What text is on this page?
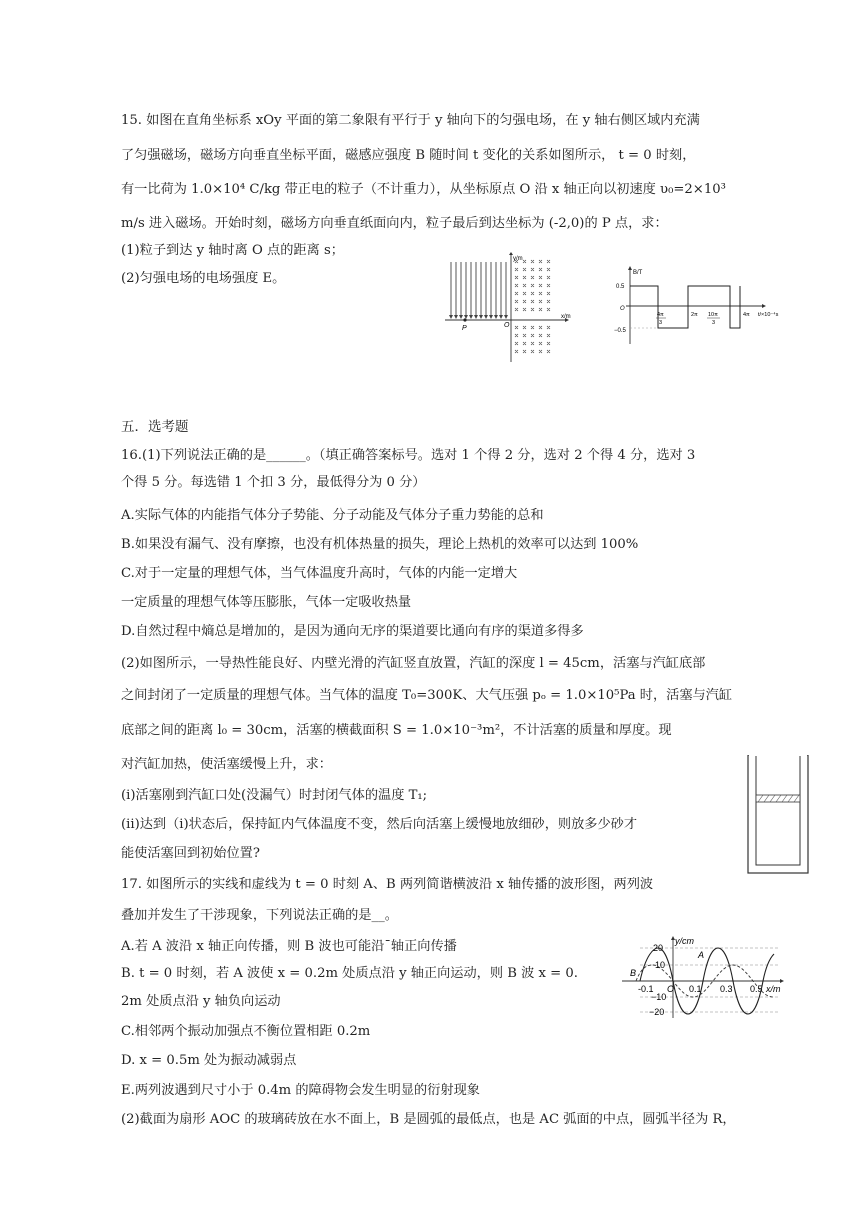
15. 如图在直角坐标系 xOy 平面的第二象限有平行于 y 轴向下的匀强电场，在 y 轴右侧区域内充满
了匀强磁场，磁场方向垂直坐标平面，磁感应强度 B 随时间 t 变化的关系如图所示， t = 0 时刻，
有一比荷为 1.0×10⁴ C/kg 带正电的粒子（不计重力），从坐标原点 O 沿 x 轴正向以初速度 υ₀=2×10³
m/s 进入磁场。开始时刻，磁场方向垂直纸面向内，粒子最后到达坐标为 (-2,0)的 P 点，求：
(1)粒子到达 y 轴时离 O 点的距离 s；
(2)匀强电场的电场强度 E。
y/m
x/m
O
P
B/T
t/×10⁻⁴s
O
0.5
−0.5
4π
3
2π 10π
3
4π
五．选考题
16.(1)下列说法正确的是______。（填正确答案标号。选对 1 个得 2 分，选对 2 个得 4 分，选对 3
个得 5 分。每选错 1 个扣 3 分，最低得分为 0 分）
A.实际气体的内能指气体分子势能、分子动能及气体分子重力势能的总和
B.如果没有漏气、没有摩擦，也没有机体热量的损失，理论上热机的效率可以达到 100%
C.对于一定量的理想气体，当气体温度升高时，气体的内能一定增大
一定质量的理想气体等压膨胀，气体一定吸收热量
D.自然过程中熵总是增加的，是因为通向无序的渠道要比通向有序的渠道多得多
(2)如图所示，一导热性能良好、内壁光滑的汽缸竖直放置，汽缸的深度 l = 45cm，活塞与汽缸底部
之间封闭了一定质量的理想气体。当气体的温度 T₀=300K、大气压强 pₒ = 1.0×10⁵Pa 时，活塞与汽缸
底部之间的距离 l₀ = 30cm，活塞的横截面积 S = 1.0×10⁻³m²，不计活塞的质量和厚度。现
对汽缸加热，使活塞缓慢上升，求：
(i)活塞刚到汽缸口处(没漏气）时封闭气体的温度 T₁;
(ii)达到（i)状态后，保持缸内气体温度不变，然后向活塞上缓慢地放细砂，则放多少砂才
能使活塞回到初始位置?
17. 如图所示的实线和虚线为 t = 0 时刻 A、B 两列简谐横波沿 x 轴传播的波形图，两列波
叠加并发生了干涉现象，下列说法正确的是__。
A.若 A 波沿 x 轴正向传播，则 B 波也可能沿ˉ轴正向传播
B. t = 0 时刻，若 A 波使 x = 0.2m 处质点沿 y 轴正向运动，则 B 波 x = 0.
2m 处质点沿 y 轴负向运动
C.相邻两个振动加强点不衡位置相距 0.2m
D. x = 0.5m 处为振动减弱点
E.两列波遇到尺寸小于 0.4m 的障碍物会发生明显的衍射现象
(2)截面为扇形 AOC 的玻璃砖放在水不面上，B 是圆弧的最低点，也是 AC 弧面的中点，圆弧半径为 R，
y/cm
20
10
−10
−20
-0.1 O 0.1 0.3 0.5 x/m
A
B
